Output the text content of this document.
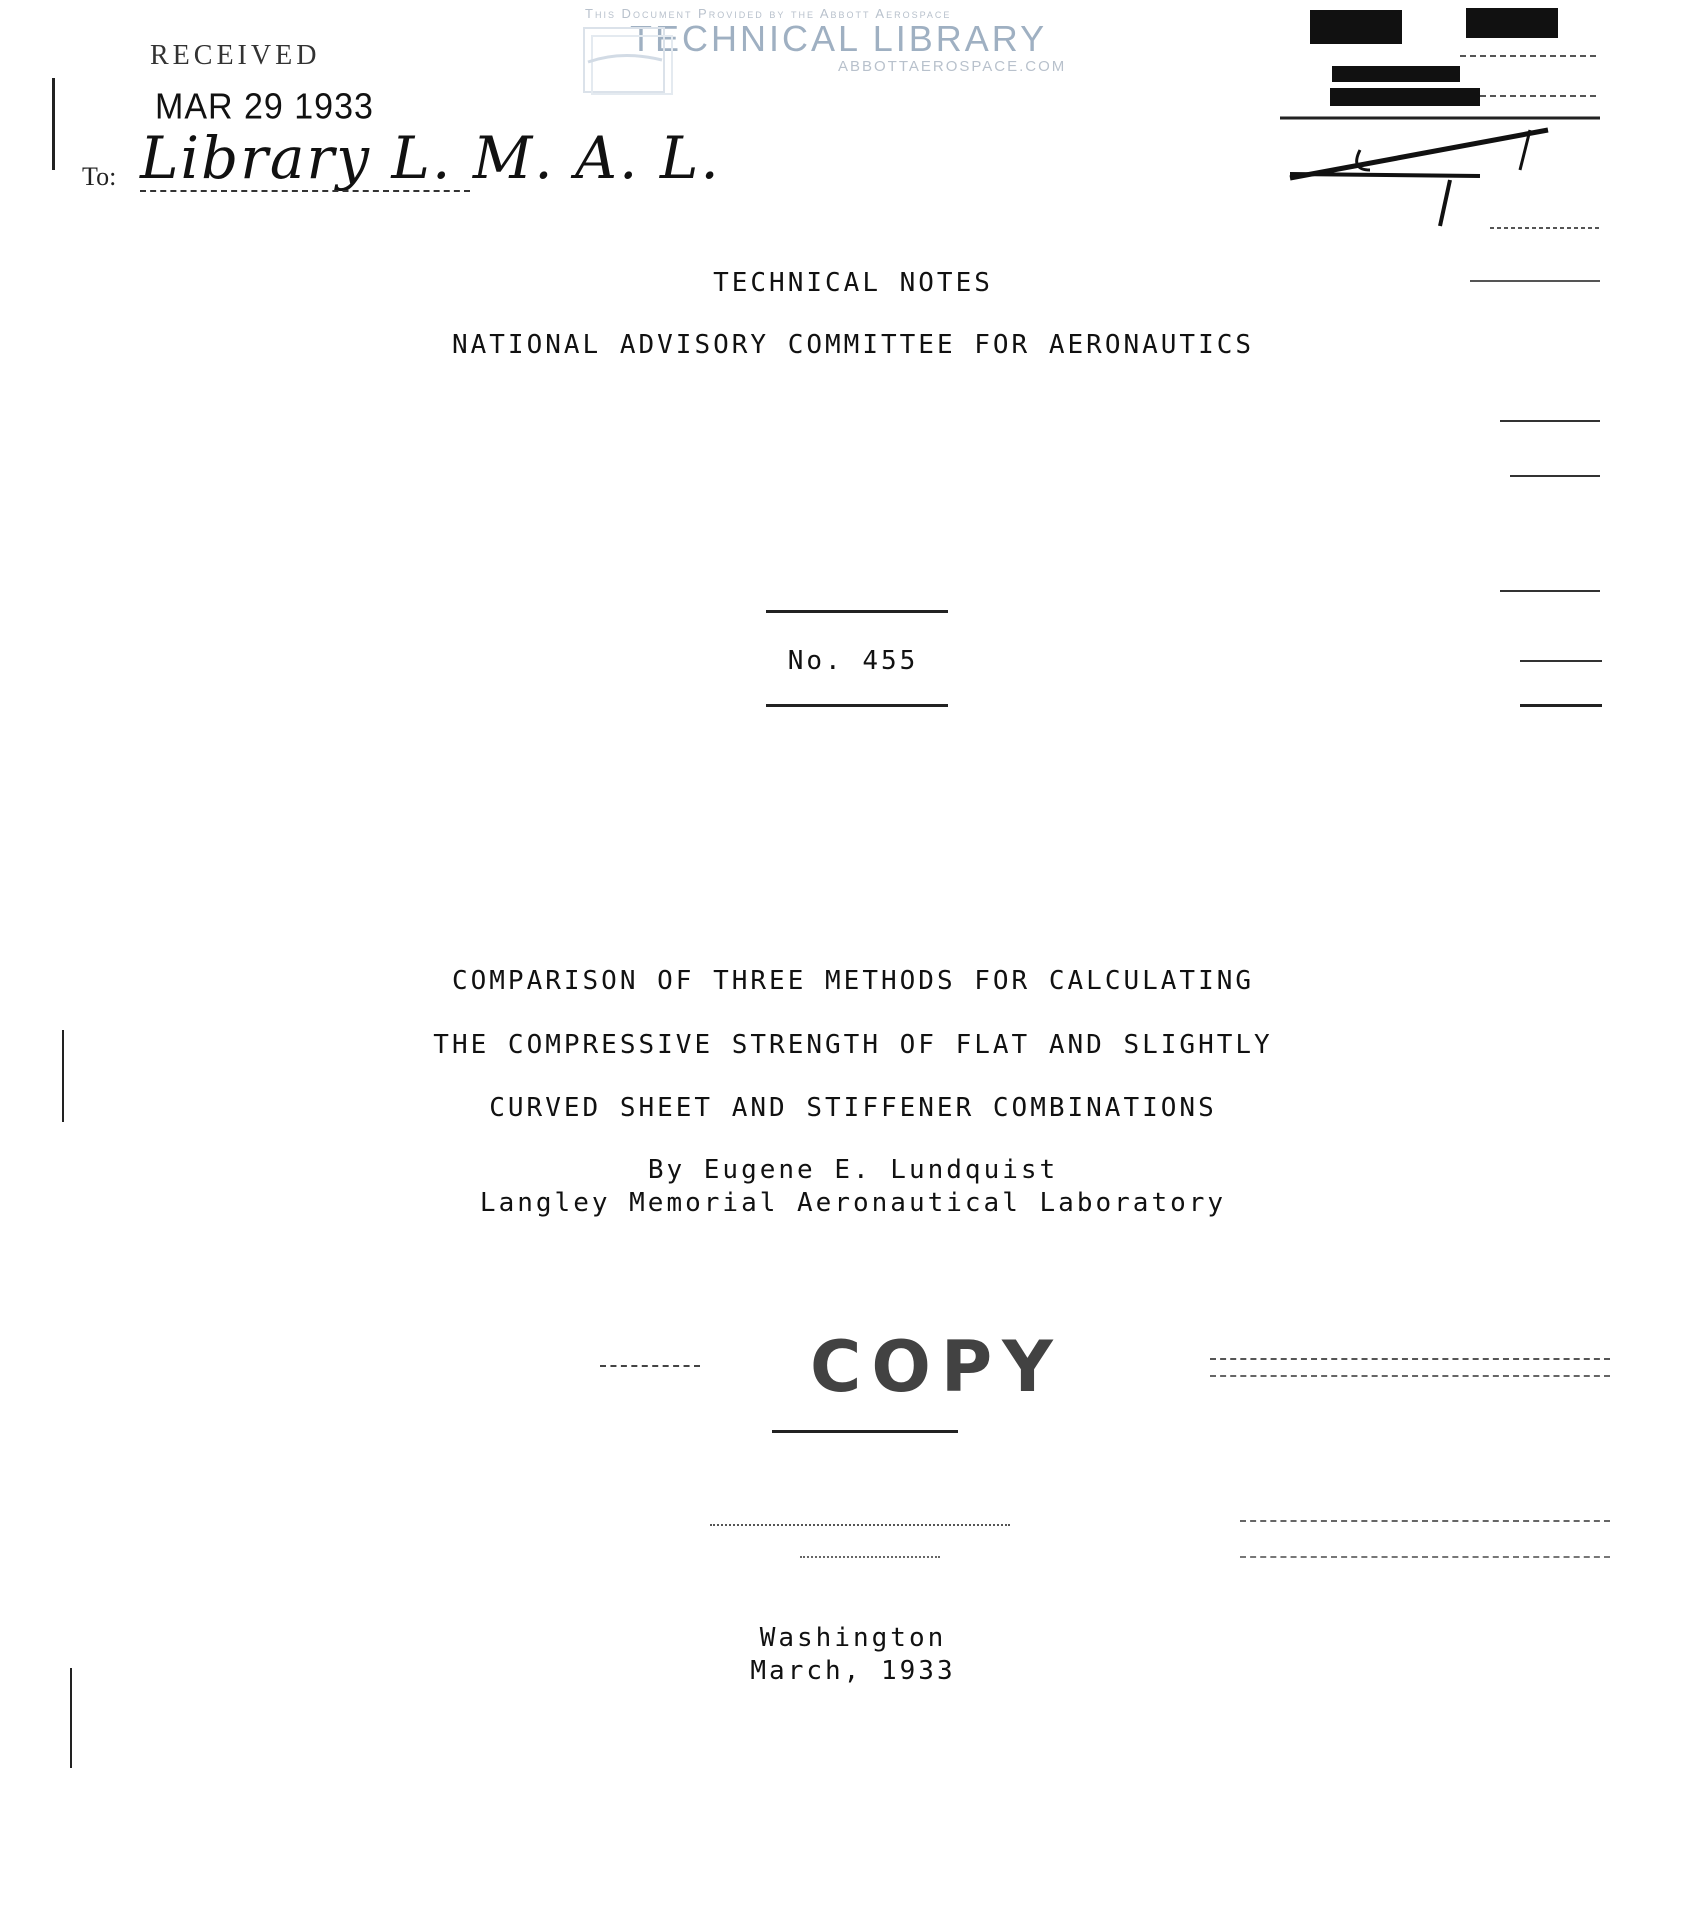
This Document Provided by the Abbott Aerospace
TECHNICAL LIBRARY
ABBOTTAEROSPACE.COM
RECEIVED
MAR 29 1933
To: Library L. M. A. L.
TECHNICAL NOTES
NATIONAL ADVISORY COMMITTEE FOR AERONAUTICS
No. 455
COMPARISON OF THREE METHODS FOR CALCULATING
THE COMPRESSIVE STRENGTH OF FLAT AND SLIGHTLY
CURVED SHEET AND STIFFENER COMBINATIONS
By Eugene E. Lundquist
Langley Memorial Aeronautical Laboratory
COPY
Washington
March, 1933
